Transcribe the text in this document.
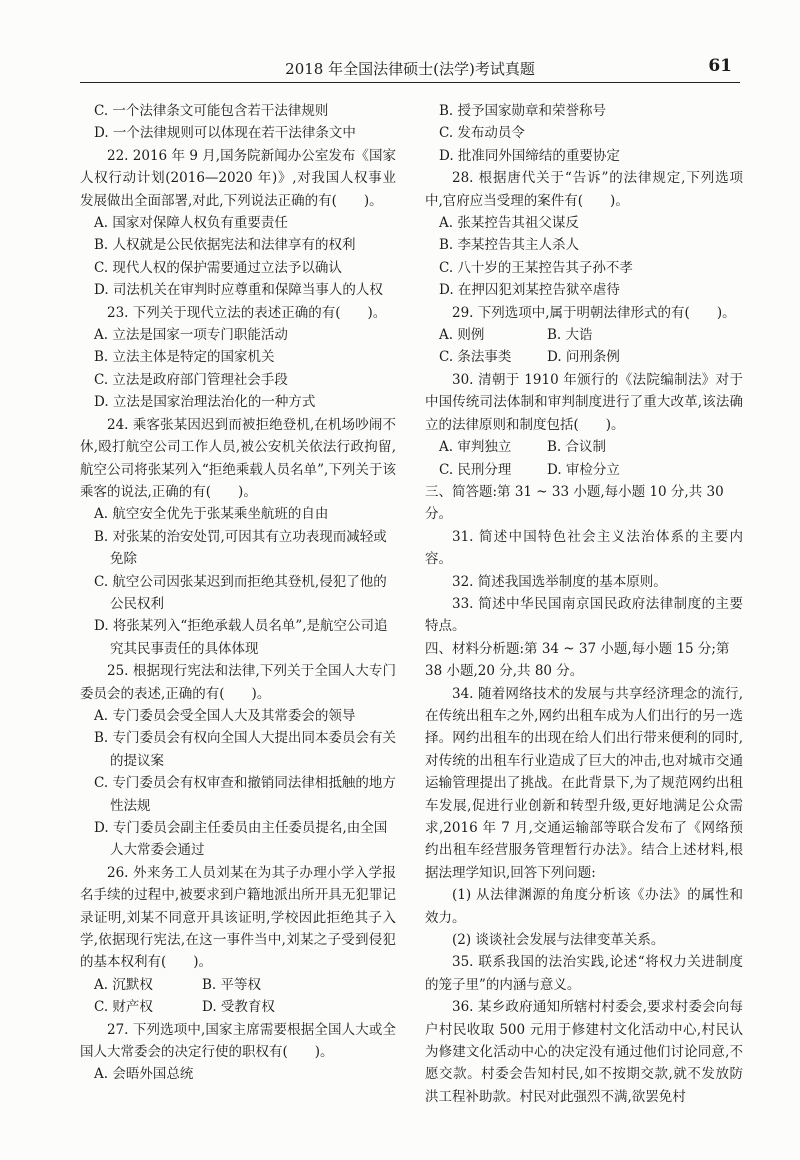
2018 年全国法律硕士(法学)考试真题	61
C. 一个法律条文可能包含若干法律规则
D. 一个法律规则可以体现在若干法律条文中
22. 2016 年 9 月,国务院新闻办公室发布《国家人权行动计划(2016—2020 年)》,对我国人权事业发展做出全面部署,对此,下列说法正确的有(　　)。
A. 国家对保障人权负有重要责任
B. 人权就是公民依据宪法和法律享有的权利
C. 现代人权的保护需要通过立法予以确认
D. 司法机关在审判时应尊重和保障当事人的人权
23. 下列关于现代立法的表述正确的有(　　)。
A. 立法是国家一项专门职能活动
B. 立法主体是特定的国家机关
C. 立法是政府部门管理社会手段
D. 立法是国家治理法治化的一种方式
24. 乘客张某因迟到而被拒绝登机,在机场吵闹不休,殴打航空公司工作人员,被公安机关依法行政拘留,航空公司将张某列入“拒绝乘载人员名单”,下列关于该乘客的说法,正确的有(　　)。
A. 航空安全优先于张某乘坐航班的自由
B. 对张某的治安处罚,可因其有立功表现而减轻或免除
C. 航空公司因张某迟到而拒绝其登机,侵犯了他的公民权利
D. 将张某列入“拒绝承载人员名单”,是航空公司追究其民事责任的具体体现
25. 根据现行宪法和法律,下列关于全国人大专门委员会的表述,正确的有(　　)。
A. 专门委员会受全国人大及其常委会的领导
B. 专门委员会有权向全国人大提出同本委员会有关的提议案
C. 专门委员会有权审查和撤销同法律相抵触的地方性法规
D. 专门委员会副主任委员由主任委员提名,由全国人大常委会通过
26. 外来务工人员刘某在为其子办理小学入学报名手续的过程中,被要求到户籍地派出所开具无犯罪记录证明,刘某不同意开具该证明,学校因此拒绝其子入学,依据现行宪法,在这一事件当中,刘某之子受到侵犯的基本权利有(　　)。
A. 沉默权	B. 平等权
C. 财产权	D. 受教育权
27. 下列选项中,国家主席需要根据全国人大或全国人大常委会的决定行使的职权有(　　)。
A. 会晤外国总统
B. 授予国家勋章和荣誉称号
C. 发布动员令
D. 批准同外国缔结的重要协定
28. 根据唐代关于“告诉”的法律规定,下列选项中,官府应当受理的案件有(　　)。
A. 张某控告其祖父谋反
B. 李某控告其主人杀人
C. 八十岁的王某控告其子孙不孝
D. 在押囚犯刘某控告狱卒虐待
29. 下列选项中,属于明朝法律形式的有(　　)。
A. 则例	B. 大诰
C. 条法事类	D. 问刑条例
30. 清朝于 1910 年颁行的《法院编制法》对于中国传统司法体制和审判制度进行了重大改革,该法确立的法律原则和制度包括(　　)。
A. 审判独立	B. 合议制
C. 民刑分理	D. 审检分立
三、简答题:第 31 ~ 33 小题,每小题 10 分,共 30 分。
31. 简述中国特色社会主义法治体系的主要内容。
32. 简述我国选举制度的基本原则。
33. 简述中华民国南京国民政府法律制度的主要特点。
四、材料分析题:第 34 ~ 37 小题,每小题 15 分;第 38 小题,20 分,共 80 分。
34. 随着网络技术的发展与共享经济理念的流行,在传统出租车之外,网约出租车成为人们出行的另一选择。网约出租车的出现在给人们出行带来便利的同时,对传统的出租车行业造成了巨大的冲击,也对城市交通运输管理提出了挑战。在此背景下,为了规范网约出租车发展,促进行业创新和转型升级,更好地满足公众需求,2016 年 7 月,交通运输部等联合发布了《网络预约出租车经营服务管理暂行办法》。结合上述材料,根据法理学知识,回答下列问题:
(1) 从法律渊源的角度分析该《办法》的属性和效力。
(2) 谈谈社会发展与法律变革关系。
35. 联系我国的法治实践,论述“将权力关进制度的笼子里”的内涵与意义。
36. 某乡政府通知所辖村村委会,要求村委会向每户村民收取 500 元用于修建村文化活动中心,村民认为修建文化活动中心的决定没有通过他们讨论同意,不愿交款。村委会告知村民,如不按期交款,就不发放防洪工程补助款。村民对此强烈不满,欲罢免村
